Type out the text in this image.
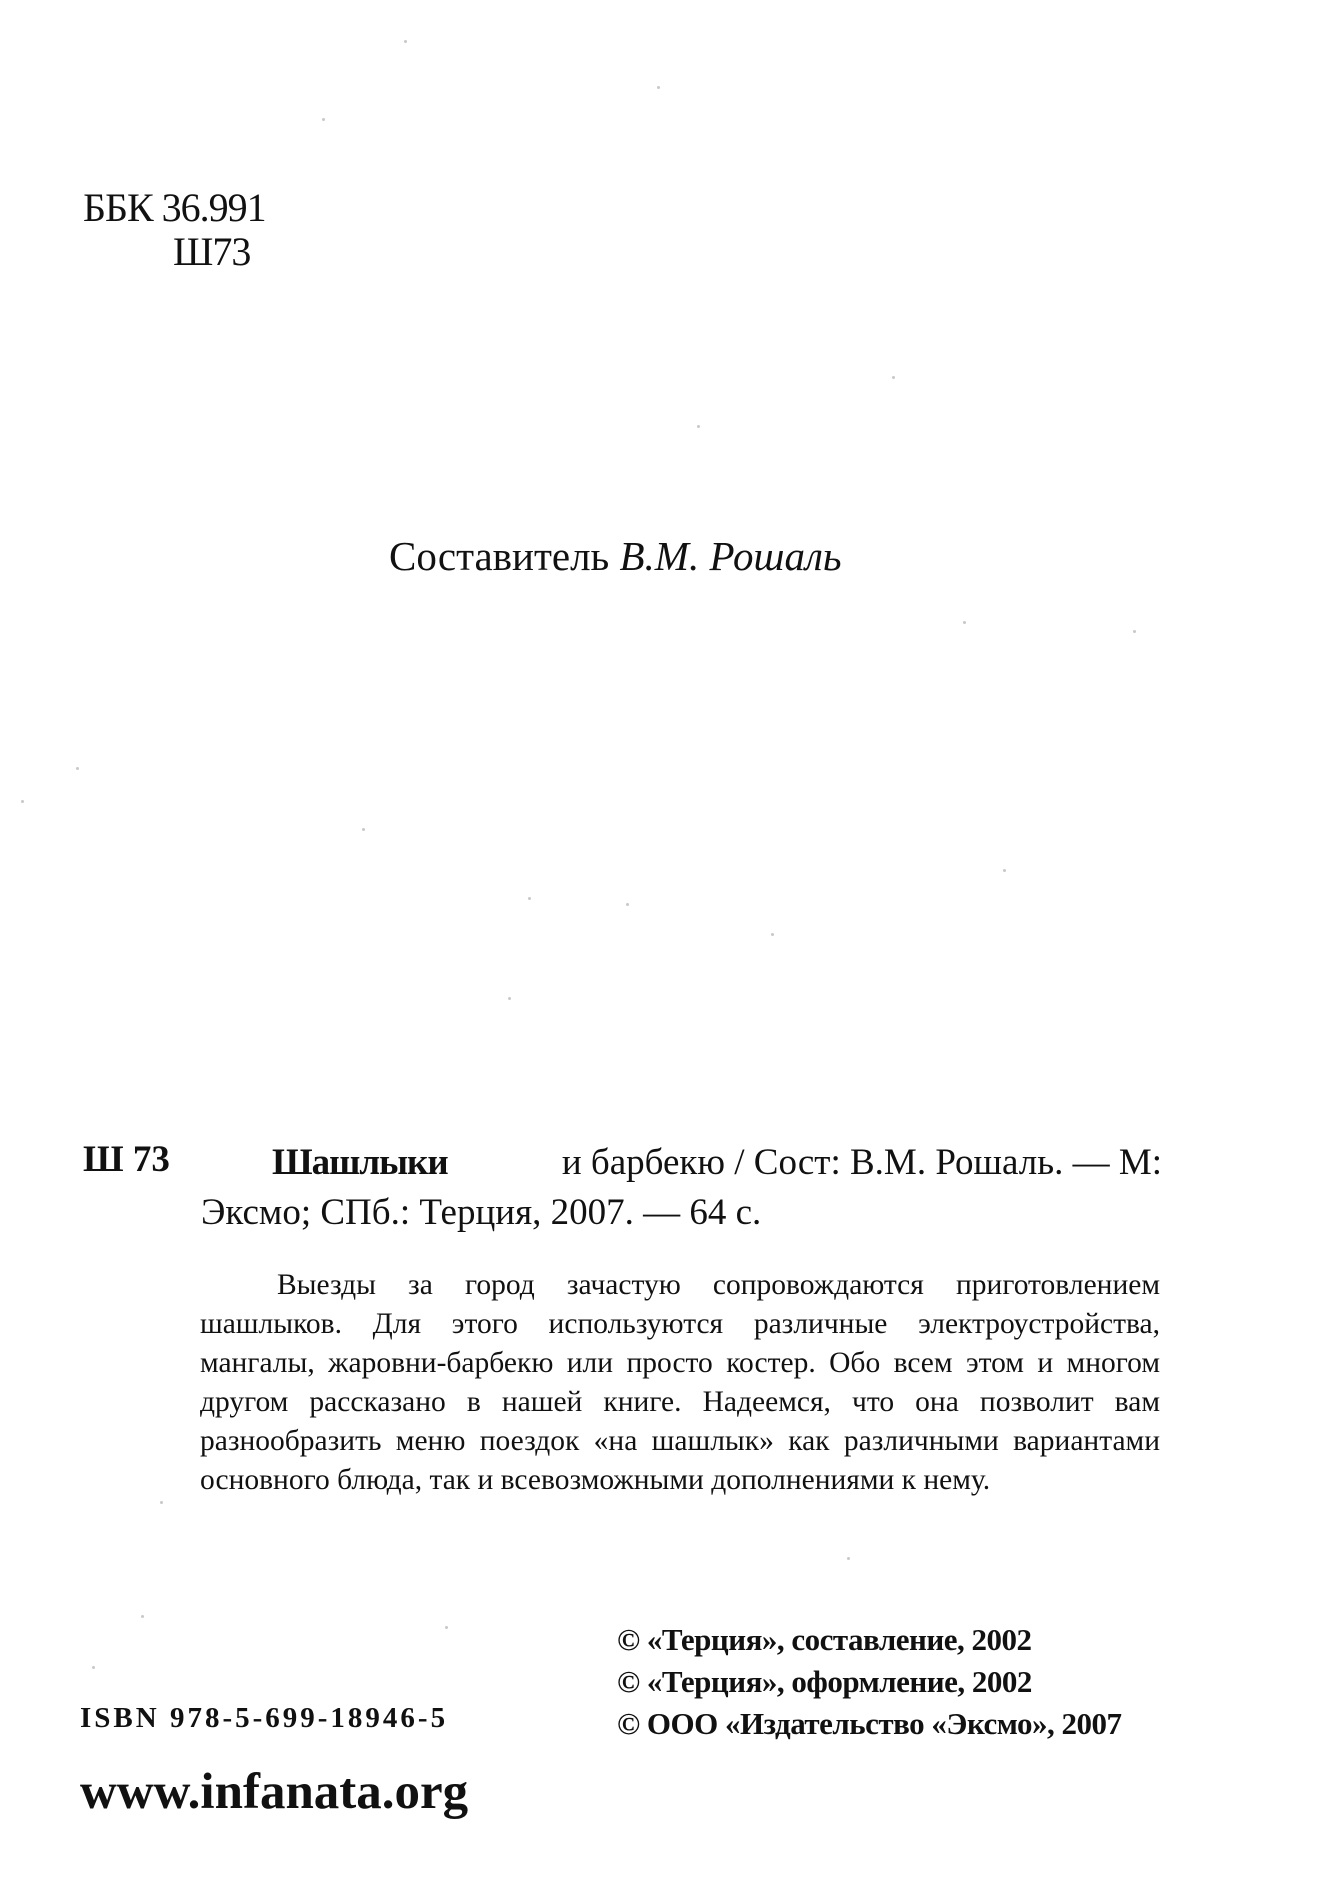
ББК 36.991
Ш73
Составитель В.М. Рошаль
Ш 73	Шашлыки	и барбекю / Сост: В.М. Рошаль. — М:
Эксмо; СПб.: Терция, 2007. — 64 с.

Выезды за город зачастую сопровождаются приготовлением шашлыков. Для этого используются различные электроустройства, мангалы, жаровни-барбекю или просто костер. Обо всем этом и многом другом рассказано в нашей книге. Надеемся, что она позволит вам разнообразить меню поездок «на шашлык» как различными вариантами основного блюда, так и всевозможными дополнениями к нему.

© «Терция», составление, 2002
© «Терция», оформление, 2002
© ООО «Издательство «Эксмо», 2007
ISBN 978-5-699-18946-5
www.infanata.org
